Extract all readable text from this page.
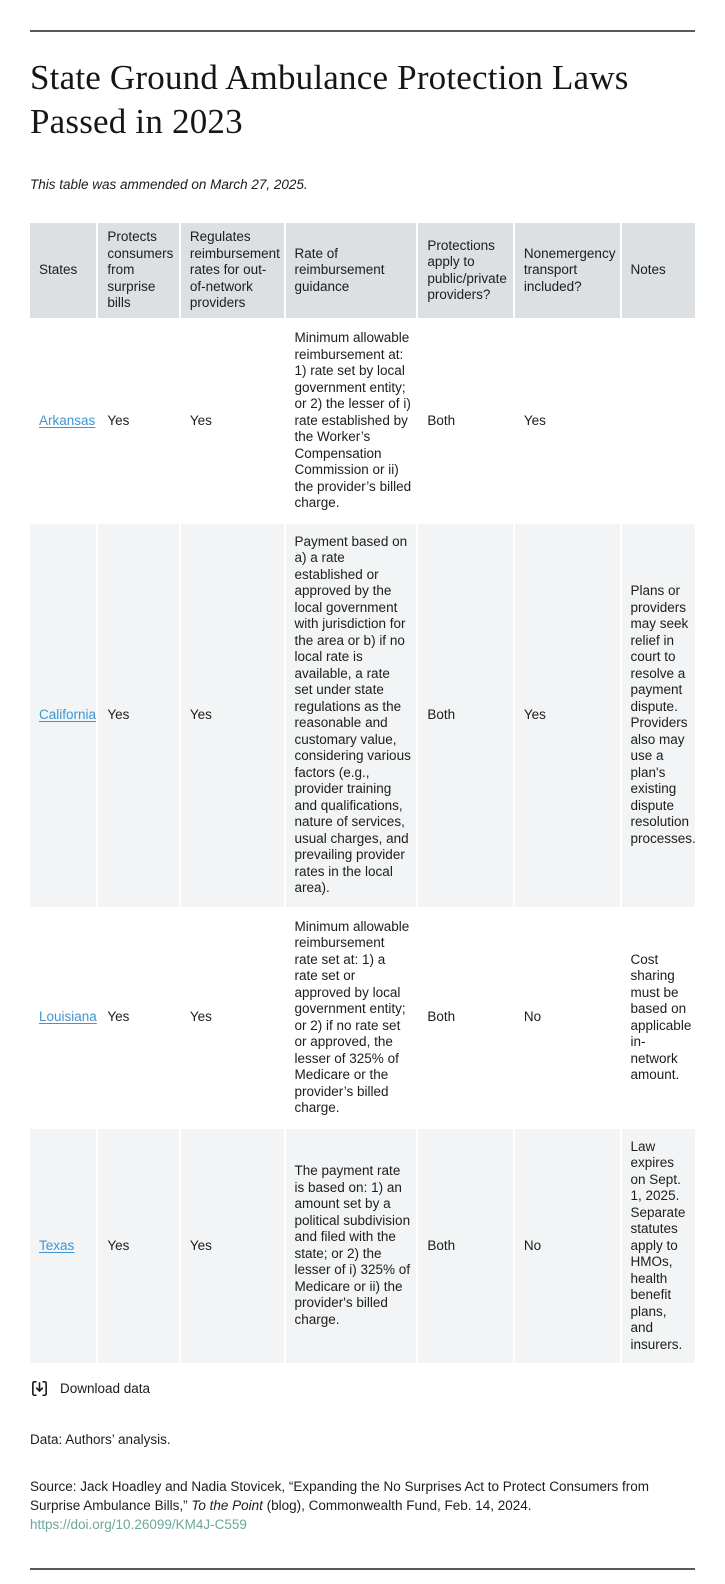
State Ground Ambulance Protection Laws Passed in 2023

This table was ammended on March 27, 2025.

States	Protects consumers from surprise bills	Regulates reimbursement rates for out-of-network providers	Rate of reimbursement guidance	Protections apply to public/private providers?	Nonemergency transport included?	Notes
Arkansas	Yes	Yes	Minimum allowable reimbursement at: 1) rate set by local government entity; or 2) the lesser of i) rate established by the Worker’s Compensation Commission or ii) the provider’s billed charge.	Both	Yes	
California	Yes	Yes	Payment based on a) a rate established or approved by the local government with jurisdiction for the area or b) if no local rate is available, a rate set under state regulations as the reasonable and customary value, considering various factors (e.g., provider training and qualifications, nature of services, usual charges, and prevailing provider rates in the local area).	Both	Yes	Plans or providers may seek relief in court to resolve a payment dispute. Providers also may use a plan's existing dispute resolution processes.
Louisiana	Yes	Yes	Minimum allowable reimbursement rate set at: 1) a rate set or approved by local government entity; or 2) if no rate set or approved, the lesser of 325% of Medicare or the provider’s billed charge.	Both	No	Cost sharing must be based on applicable in-network amount.
Texas	Yes	Yes	The payment rate is based on: 1) an amount set by a political subdivision and filed with the state; or 2) the lesser of i) 325% of Medicare or ii) the provider's billed charge.	Both	No	Law expires on Sept. 1, 2025. Separate statutes apply to HMOs, health benefit plans, and insurers.
Download data

Data: Authors’ analysis.

Source: Jack Hoadley and Nadia Stovicek, “Expanding the No Surprises Act to Protect Consumers from Surprise Ambulance Bills,” To the Point (blog), Commonwealth Fund, Feb. 14, 2024.
https://doi.org/10.26099/KM4J-C559
